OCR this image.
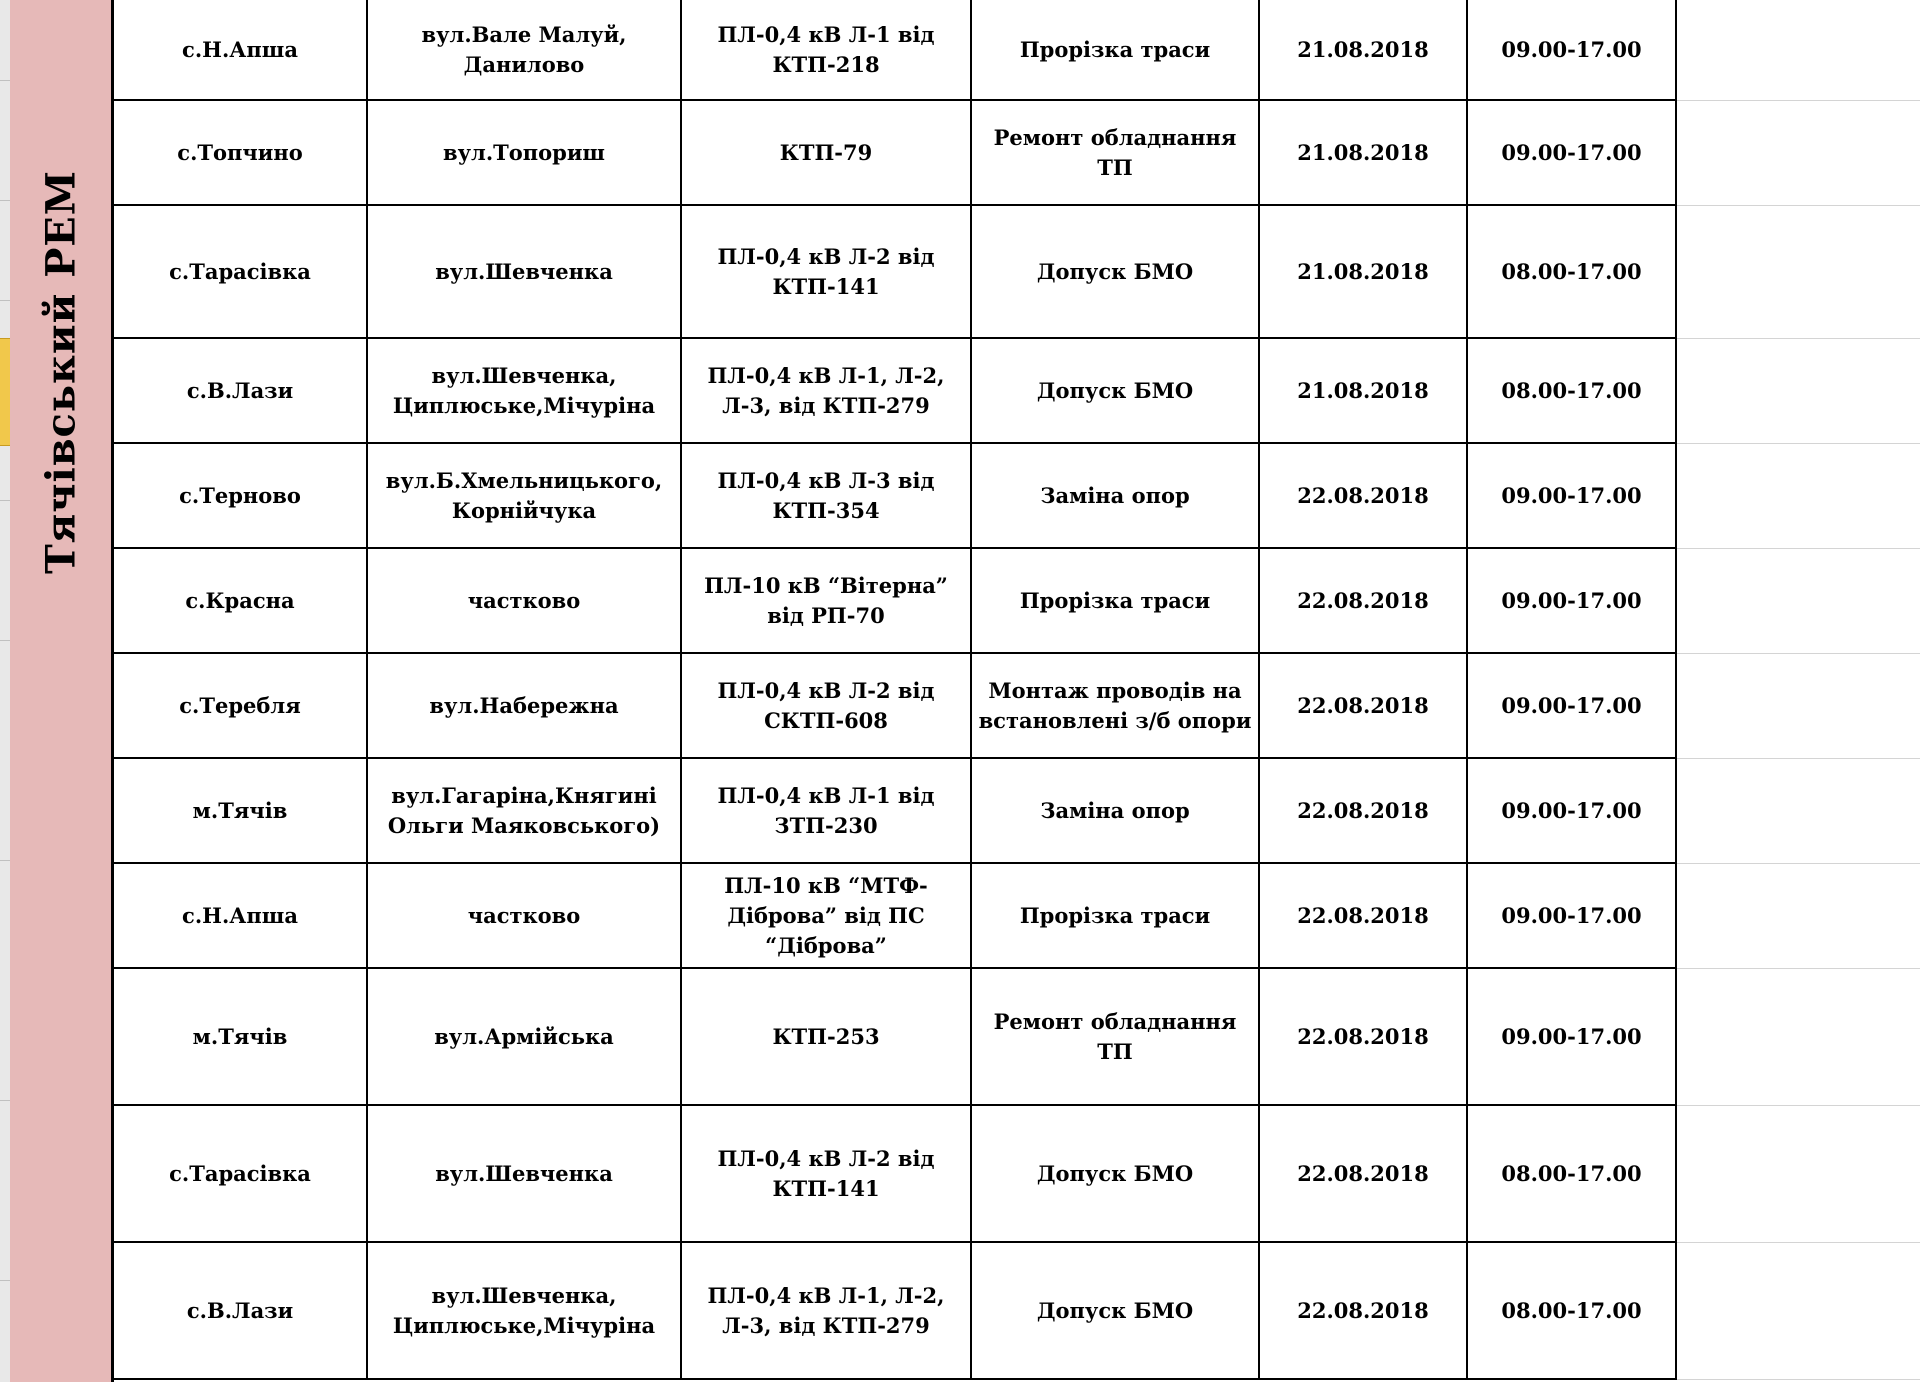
Тячівський РЕМ
с.Н.Апша	вул.Вале Малуй, Данилово	ПЛ-0,4 кВ Л-1 від КТП-218	Прорізка траси	21.08.2018	09.00-17.00	
с.Топчино	вул.Топориш	КТП-79	Ремонт обладнання ТП	21.08.2018	09.00-17.00	
с.Тарасівка	вул.Шевченка	ПЛ-0,4 кВ Л-2 від КТП-141	Допуск БМО	21.08.2018	08.00-17.00	
с.В.Лази	вул.Шевченка, Циплюське,Мічуріна	ПЛ-0,4 кВ Л-1, Л-2, Л-3, від КТП-279	Допуск БМО	21.08.2018	08.00-17.00	
с.Терново	вул.Б.Хмельницького, Корнійчука	ПЛ-0,4 кВ Л-3 від КТП-354	Заміна опор	22.08.2018	09.00-17.00	
с.Красна	частково	ПЛ-10 кВ “Вітерна” від РП-70	Прорізка траси	22.08.2018	09.00-17.00	
с.Теребля	вул.Набережна	ПЛ-0,4 кВ Л-2 від СКТП-608	Монтаж проводів на встановлені з/б опори	22.08.2018	09.00-17.00	
м.Тячів	вул.Гагаріна,Княгині Ольги Маяковського)	ПЛ-0,4 кВ Л-1 від ЗТП-230	Заміна опор	22.08.2018	09.00-17.00	
с.Н.Апша	частково	ПЛ-10 кВ “МТФ-Діброва” від ПС “Діброва”	Прорізка траси	22.08.2018	09.00-17.00	
м.Тячів	вул.Армійська	КТП-253	Ремонт обладнання ТП	22.08.2018	09.00-17.00	
с.Тарасівка	вул.Шевченка	ПЛ-0,4 кВ Л-2 від КТП-141	Допуск БМО	22.08.2018	08.00-17.00	
с.В.Лази	вул.Шевченка, Циплюське,Мічуріна	ПЛ-0,4 кВ Л-1, Л-2, Л-3, від КТП-279	Допуск БМО	22.08.2018	08.00-17.00	
